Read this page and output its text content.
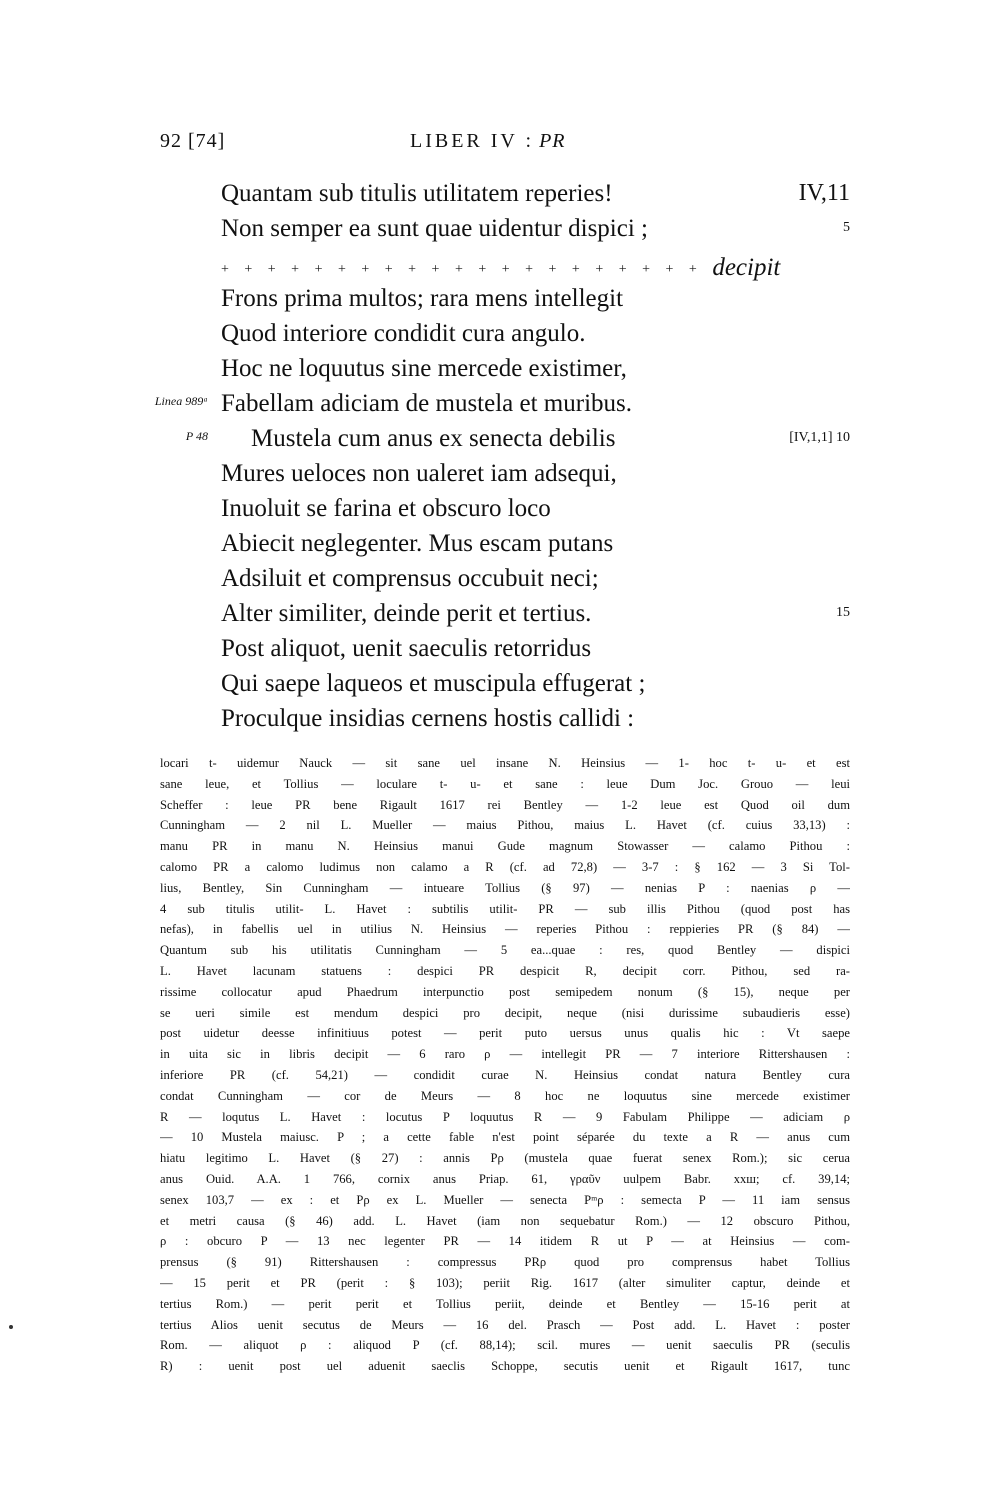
92 [74]	LIBER IV : PR
Quantam sub titulis utilitatem reperies!	IV,11
Non semper ea sunt quae uidentur dispici ;	5
+ + + + + + + + + + + + + + + + + + + + + decipit
Frons prima multos; rara mens intellegit
Quod interiore condidit cura angulo.
Hoc ne loquutus sine mercede existimer,
Linea 989ᵃ Fabellam adiciam de mustela et muribus.
P 48 Mustela cum anus ex senecta debilis	[IV,1,1] 10
Mures ueloces non ualeret iam adsequi,
Inuoluit se farina et obscuro loco
Abiecit neglegenter. Mus escam putans
Adsiluit et comprensus occubuit neci;
Alter similiter, deinde perit et tertius.	15
Post aliquot, uenit saeculis retorridus
Qui saepe laqueos et muscipula effugerat ;
Proculque insidias cernens hostis callidi :
locari t- uidemur Nauck — sit sane uel insane N. Heinsius — 1- hoc t- u- et est
sane leue, et Tollius — loculare t- u- et sane : leue Dum Joc. Grouo — leui
Scheffer : leue PR bene Rigault 1617 rei Bentley — 1-2 leue est Quod oil dum
Cunningham — 2 nil L. Mueller — maius Pithou, maius L. Havet (cf. cuius 33,13) :
manu PR in manu N. Heinsius manui Gude magnum Stowasser — calamo Pithou :
calomo PR a calomo ludimus non calamo a R (cf. ad 72,8) — 3-7 : § 162 — 3 Si Tol-
lius, Bentley, Sin Cunningham — intueare Tollius (§ 97) — nenias P : naenias ρ —
4 sub titulis utilit- L. Havet : subtilis utilit- PR — sub illis Pithou (quod post has
nefas), in fabellis uel in utilius N. Heinsius — reperies Pithou : reppieries PR (§ 84) —
Quantum sub his utilitatis Cunningham — 5 ea...quae : res, quod Bentley — dispici
L. Havet lacunam statuens : despici PR despicit R, decipit corr. Pithou, sed ra-
rissime collocatur apud Phaedrum interpunctio post semipedem nonum (§ 15), neque per
se ueri simile est mendum despici pro decipit, neque (nisi durissime subaudieris esse)
post uidetur deesse infinitiuus potest — perit puto uersus unus qualis hic : Vt saepe
in uita sic in libris decipit — 6 raro ρ — intellegit PR — 7 interiore Rittershausen :
inferiore PR (cf. 54,21) — condidit curae N. Heinsius condat natura Bentley cura
condat Cunningham — cor de Meurs — 8 hoc ne loquutus sine mercede existimer
R — loqutus L. Havet : locutus P loquutus R — 9 Fabulam Philippe — adiciam ρ
— 10 Mustela maiusc. P ; a cette fable n'est point séparée du texte a R — anus cum
hiatu legitimo L. Havet (§ 27) : annis Pρ (mustela quae fuerat senex Rom.); sic cerua
anus Ouid. A.A. 1 766, cornix anus Priap. 61, γραῦν uulpem Babr. ххш; cf. 39,14;
senex 103,7 — ex : et Pρ ex L. Mueller — senecta Pᵐρ : semecta P — 11 iam sensus
et metri causa (§ 46) add. L. Havet (iam non sequebatur Rom.) — 12 obscuro Pithou,
ρ : obcuro P — 13 nec legenter PR — 14 itidem R ut P — at Heinsius — com-
prensus (§ 91) Rittershausen : compressus PRρ quod pro comprensus habet Tollius
— 15 perit et PR (perit : § 103); periit Rig. 1617 (alter simuliter captur, deinde et
tertius Rom.) — perit perit et Tollius periit, deinde et Bentley — 15-16 perit at
tertius Alios uenit secutus de Meurs — 16 del. Prasch — Post add. L. Havet : poster
Rom. — aliquot ρ : aliquod P (cf. 88,14); scil. mures — uenit saeculis PR (seculis
R) : uenit post uel aduenit saeclis Schoppe, secutis uenit et Rigault 1617, tunc
